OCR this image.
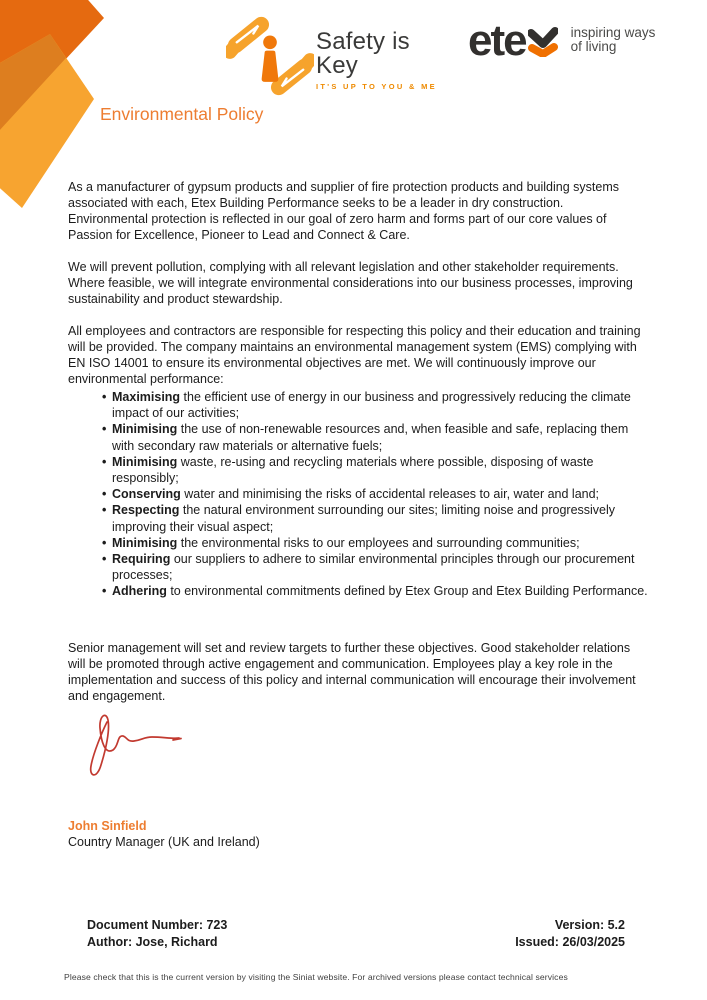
Safety is Key
IT'S UP TO YOU & ME
ete	inspiring ways
of living
Environmental Policy

As a manufacturer of gypsum products and supplier of fire protection products and building systems associated with each, Etex Building Performance seeks to be a leader in dry construction. Environmental protection is reflected in our goal of zero harm and forms part of our core values of Passion for Excellence, Pioneer to Lead and Connect & Care.

We will prevent pollution, complying with all relevant legislation and other stakeholder requirements. Where feasible, we will integrate environmental considerations into our business processes, improving sustainability and product stewardship.

All employees and contractors are responsible for respecting this policy and their education and training will be provided. The company maintains an environmental management system (EMS) complying with EN ISO 14001 to ensure its environmental objectives are met. We will continuously improve our environmental performance:

• Maximising the efficient use of energy in our business and progressively reducing the climate impact of our activities;
• Minimising the use of non-renewable resources and, when feasible and safe, replacing them with secondary raw materials or alternative fuels;
• Minimising waste, re-using and recycling materials where possible, disposing of waste responsibly;
• Conserving water and minimising the risks of accidental releases to air, water and land;
• Respecting the natural environment surrounding our sites; limiting noise and progressively improving their visual aspect;
• Minimising the environmental risks to our employees and surrounding communities;
• Requiring our suppliers to adhere to similar environmental principles through our procurement processes;
• Adhering to environmental commitments defined by Etex Group and Etex Building Performance.

Senior management will set and review targets to further these objectives. Good stakeholder relations will be promoted through active engagement and communication. Employees play a key role in the implementation and success of this policy and internal communication will encourage their involvement and engagement.

John Sinfield
Country Manager (UK and Ireland)
Document Number: 723
Author: Jose, Richard
Version: 5.2
Issued: 26/03/2025
Please check that this is the current version by visiting the Siniat website. For archived versions please contact technical services
